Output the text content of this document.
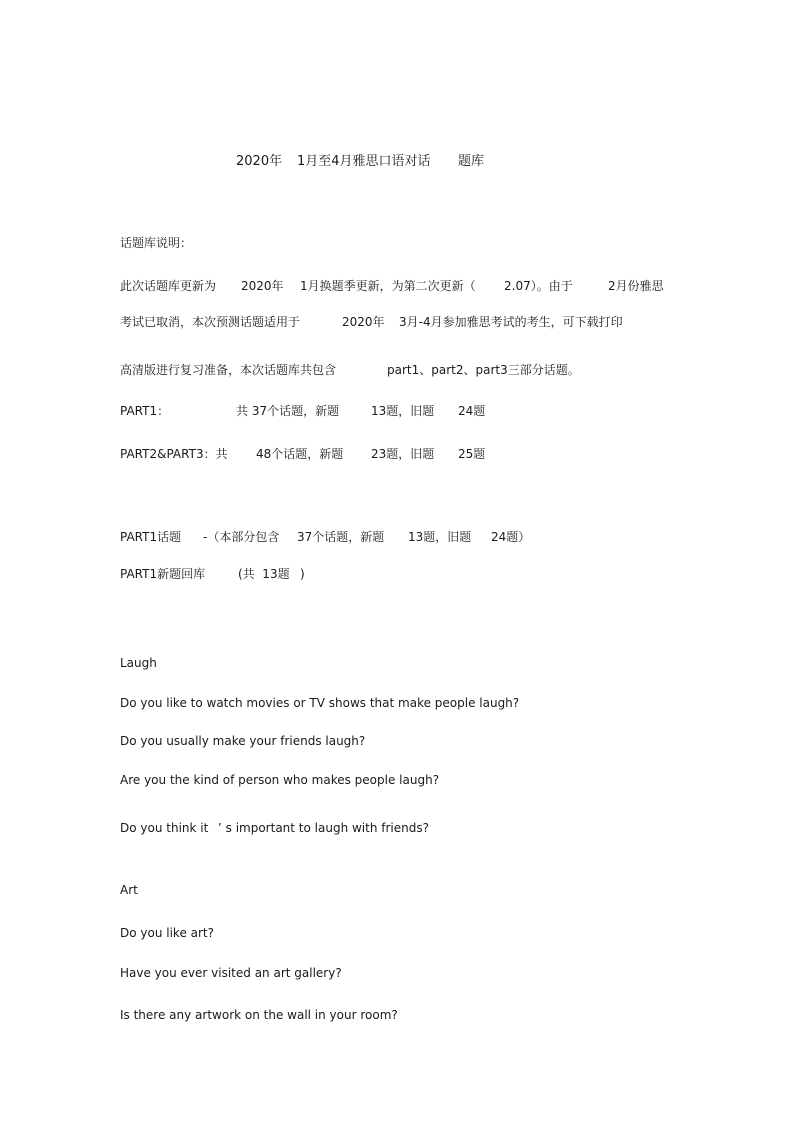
2020年

1月至4月雅思口语对话

题库

话题库说明：

此次话题库更新为

2020年

1月换题季更新，为第二次更新（

2.07）。由于

	2月份雅思

考试已取消，本次预测话题适用于

	2020年

3月-4月参加雅思考试的考生，可下载打印

高清版进行复习准备，本次话题库共包含

	part1、part2、part3三部分话题。

PART1：

	共 37个话题，新题

	13题，旧题

24题

PART2&PART3：共

48个话题，新题

23题，旧题

25题

PART1话题

-（本部分包含

37个话题，新题

13题，旧题

24题）

PART1新题回库

	(共  13题

)

Laugh

Do you like to watch movies or TV shows that make people laugh?

Do you usually make your friends laugh?

Are you the kind of person who makes people laugh?

Do you think it

’ s important to laugh with friends?

Art

Do you like art?

Have you ever visited an art gallery?

Is there any artwork on the wall in your room?
